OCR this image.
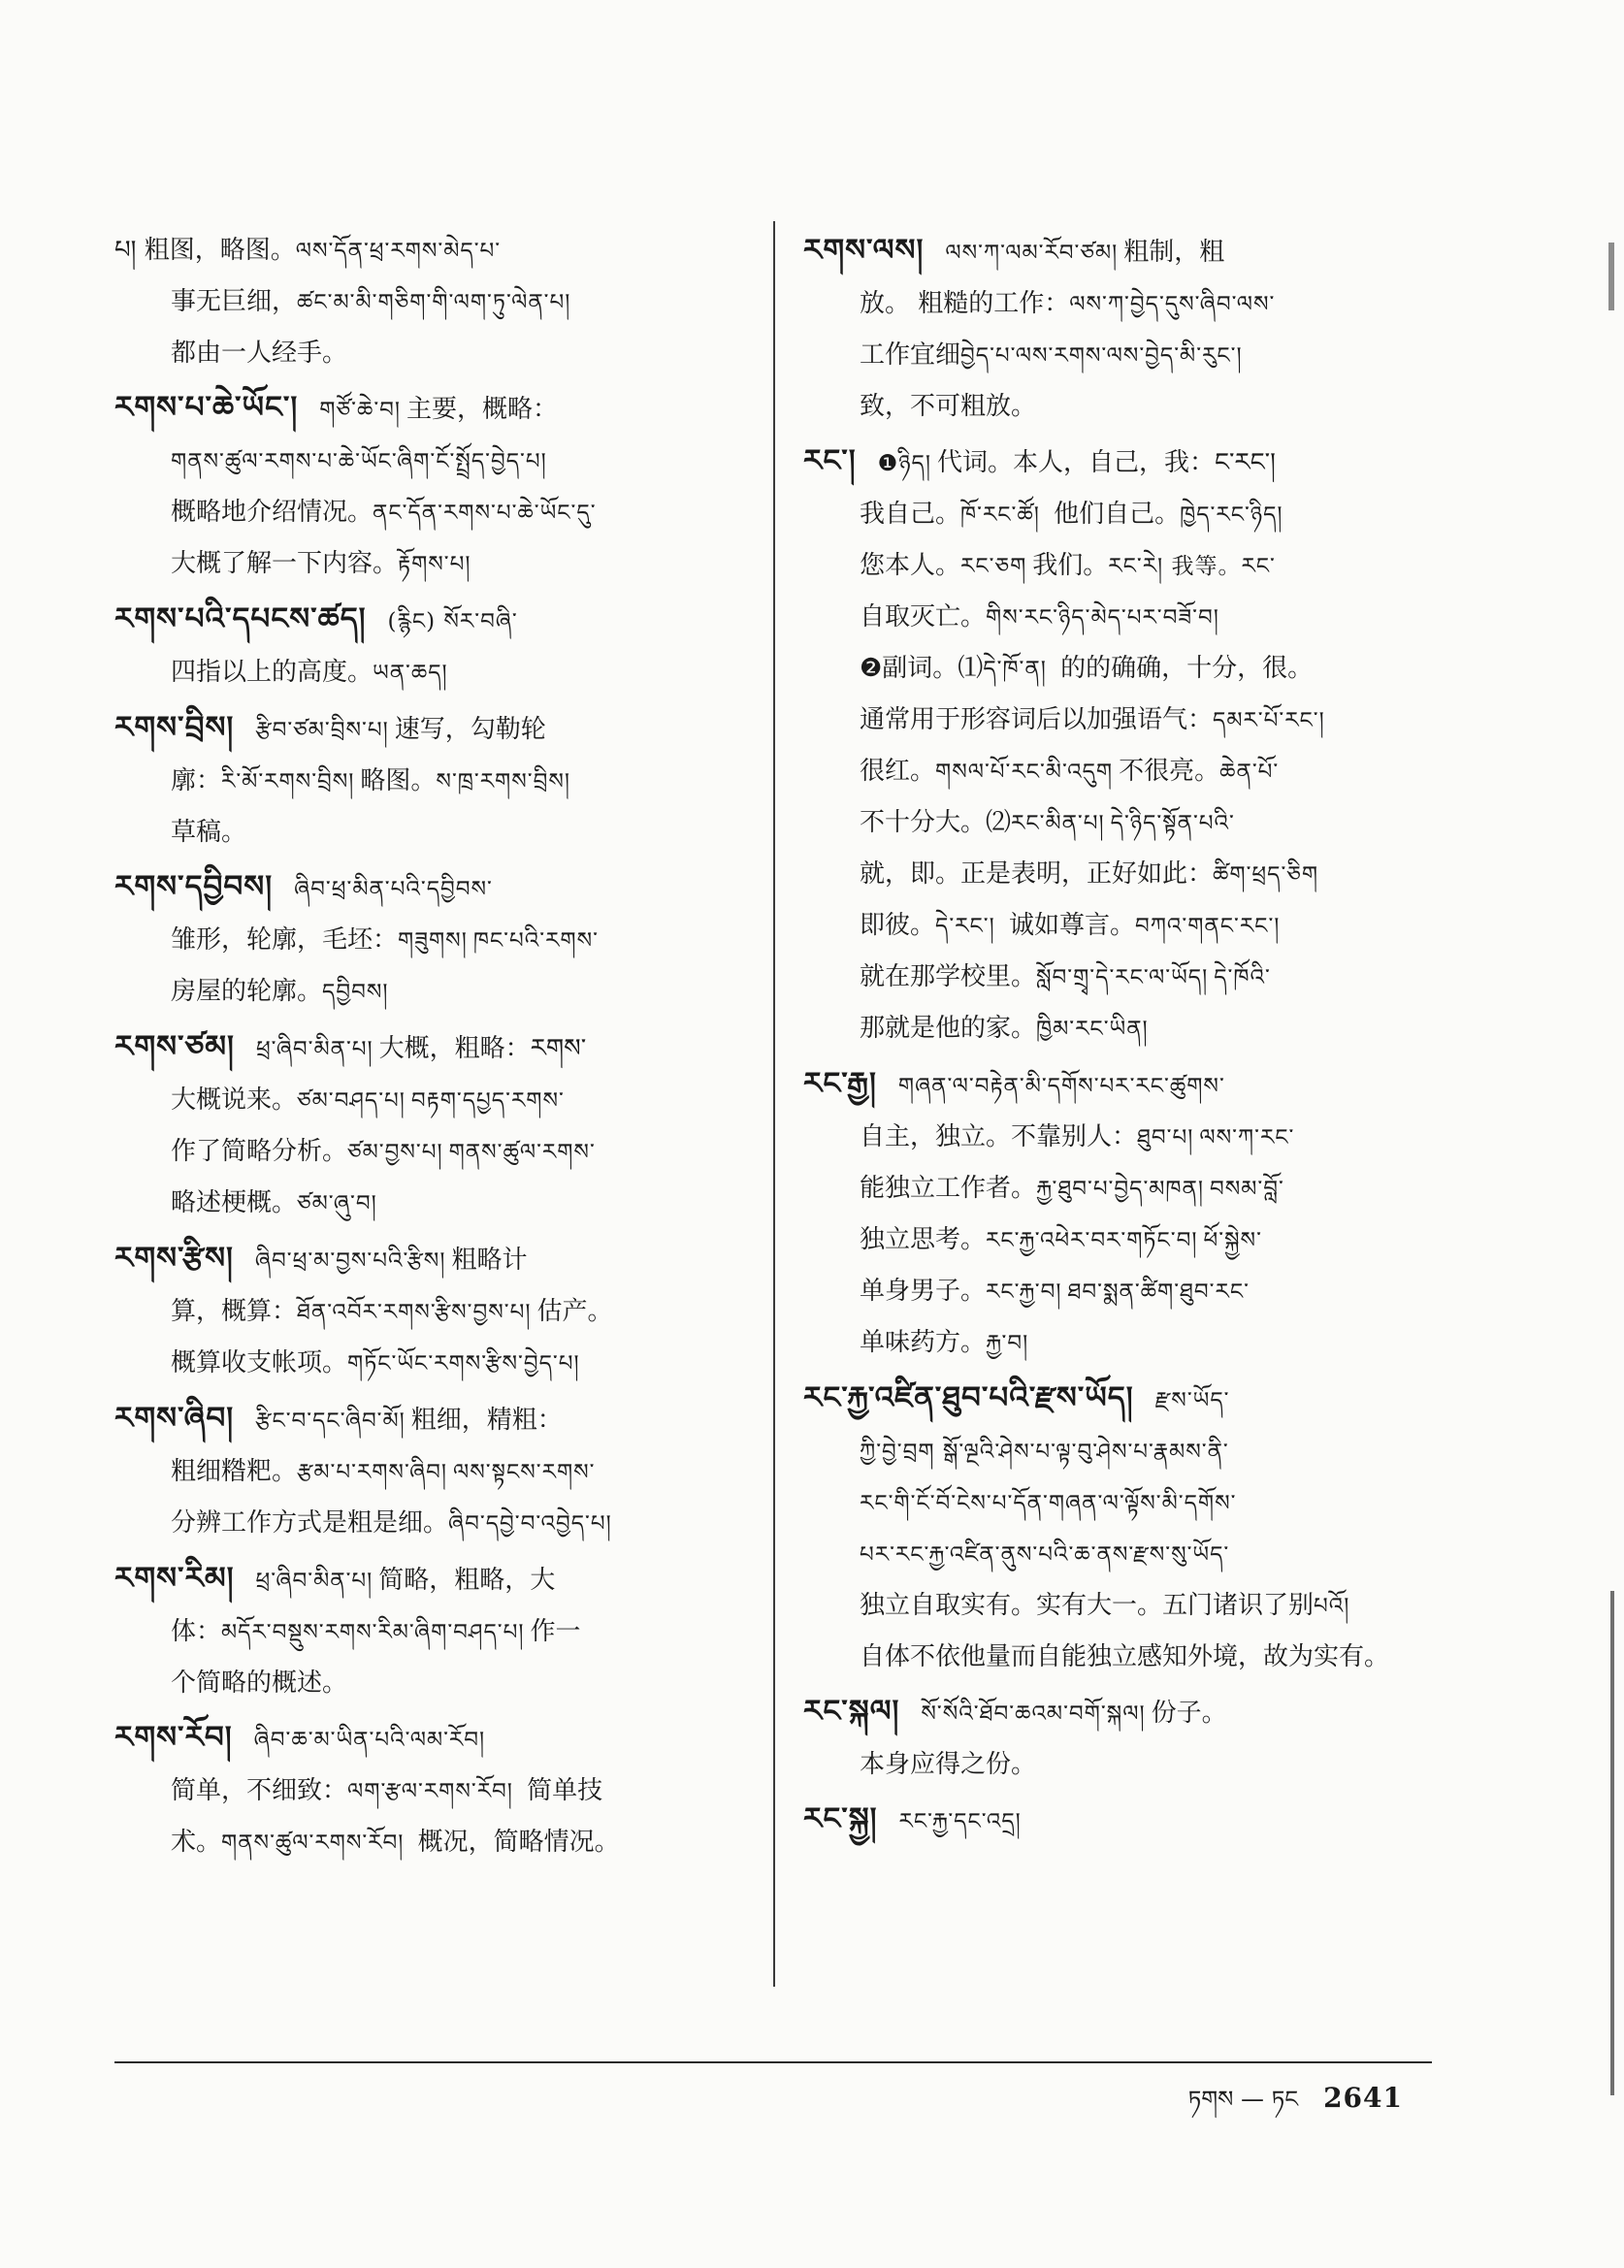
པ། 粗图，略图。ལས་དོན་ཕྲ་རགས་མེད་པ་
事无巨细，ཚང་མ་མི་གཅིག་གི་ལག་ཏུ་ལེན་པ།
都由一人经手。
རགས་པ་ཆེ་ཡོང་། གཙོ་ཆེ་བ། 主要，概略：
གནས་ཚུལ་རགས་པ་ཆེ་ཡོང་ཞིག་ངོ་སྤྲོད་བྱེད་པ།
概略地介绍情况。ནང་དོན་རགས་པ་ཆེ་ཡོང་དུ་
大概了解一下内容。རྟོགས་པ།
རགས་པའི་དཔངས་ཚད། (རྙིང) སོར་བཞི་
四指以上的高度。ཡན་ཆད།
རགས་བྲིས། རྩིབ་ཙམ་བྲིས་པ། 速写，勾勒轮
廓：རི་མོ་རགས་བྲིས། 略图。ས་ཁྲ་རགས་བྲིས།
草稿。
རགས་དབྱིབས། ཞིབ་ཕྲ་མིན་པའི་དབྱིབས་
雏形，轮廓，毛坯：གཟུགས། ཁང་པའི་རགས་
房屋的轮廓。དབྱིབས།
རགས་ཙམ། ཕྲ་ཞིབ་མིན་པ། 大概，粗略：རགས་
大概说来。ཙམ་བཤད་པ། བརྟག་དཔྱད་རགས་
作了简略分析。ཙམ་བྱས་པ། གནས་ཚུལ་རགས་
略述梗概。ཙམ་ཞུ་བ།
རགས་རྩིས། ཞིབ་ཕྲ་མ་བྱས་པའི་རྩིས། 粗略计
算，概算：ཐོན་འབོར་རགས་རྩིས་བྱས་པ། 估产。
概算收支帐项。གཏོང་ཡོང་རགས་རྩིས་བྱེད་པ།
རགས་ཞིབ། རྩིང་བ་དང་ཞིབ་མོ། 粗细，精粗：
粗细糌粑。རྩམ་པ་རགས་ཞིབ། ལས་སྟངས་རགས་
分辨工作方式是粗是细。ཞིབ་དབྱེ་བ་འབྱེད་པ།
རགས་རིམ། ཕྲ་ཞིབ་མིན་པ། 简略，粗略，大
体：མདོར་བསྡུས་རགས་རིམ་ཞིག་བཤད་པ། 作一
个简略的概述。
རགས་རོབ། ཞིབ་ཆ་མ་ཡིན་པའི་ལམ་རོབ།
简单，不细致：ལག་རྩལ་རགས་རོབ། 简单技
术。གནས་ཚུལ་རགས་རོབ། 概况，简略情况。
རགས་ལས། ལས་ཀ་ལམ་རོབ་ཙམ། 粗制，粗
放。 粗糙的工作：ལས་ཀ་བྱེད་དུས་ཞིབ་ལས་
工作宜细བྱེད་པ་ལས་རགས་ལས་བྱེད་མི་རུང་།
致，不可粗放。
རང་། ❶ཉིད། 代词。本人，自己，我：ང་རང་།
我自己。ཁོ་རང་ཚོ། 他们自己。ཁྱེད་རང་ཉིད།
您本人。རང་ཅག 我们。རང་རེ། 我等。རང་
自取灭亡。གིས་རང་ཉིད་མེད་པར་བཟོ་བ།
❷副词。⑴དེ་ཁོ་ན། 的的确确，十分，很。
通常用于形容词后以加强语气：དམར་པོ་རང་།
很红。གསལ་པོ་རང་མི་འདུག 不很亮。ཆེན་པོ་
不十分大。⑵རང་མིན་པ། དེ་ཉིད་སྟོན་པའི་
就，即。正是表明，正好如此：ཚིག་ཕྲད་ཅིག
即彼。དེ་རང་། 诚如尊言。བཀའ་གནང་རང་།
就在那学校里。སློབ་གྲྭ་དེ་རང་ལ་ཡོད། དེ་ཁོའི་
那就是他的家。ཁྱིམ་རང་ཡིན།
རང་རྒྱ། གཞན་ལ་བརྟེན་མི་དགོས་པར་རང་ཚུགས་
自主，独立。不靠别人：ཐུབ་པ། ལས་ཀ་རང་
能独立工作者。རྐྱ་ཐུབ་པ་བྱེད་མཁན། བསམ་བློ་
独立思考。རང་རྐྱ་འཕེར་བར་གཏོང་བ། ཕོ་སྐྱེས་
单身男子。རང་རྐྱ་བ། ཐབ་སྨན་ཚིག་ཐུབ་རང་
单味药方。རྐྱ་བ།
རང་རྐྱ་འཛིན་ཐུབ་པའི་རྫས་ཡོད། རྫས་ཡོད་
ཀྱི་བྱེ་བྲག སྒོ་ལྔའི་ཤེས་པ་ལྟ་བུ་ཤེས་པ་རྣམས་ནི་
རང་གི་ངོ་བོ་ངེས་པ་དོན་གཞན་ལ་ལྟོས་མི་དགོས་
པར་རང་རྐྱ་འཛིན་ནུས་པའི་ཆ་ནས་རྫས་སུ་ཡོད་
独立自取实有。实有大一。五门诸识了别པའོ།
自体不依他量而自能独立感知外境，故为实有。
རང་སྐལ། སོ་སོའི་ཐོབ་ཆའམ་བགོ་སྐལ། 份子。
本身应得之份。
རང་སྐྱ། རང་རྐྱ་དང་འདྲ།
ཏགས — ཏང 2641
